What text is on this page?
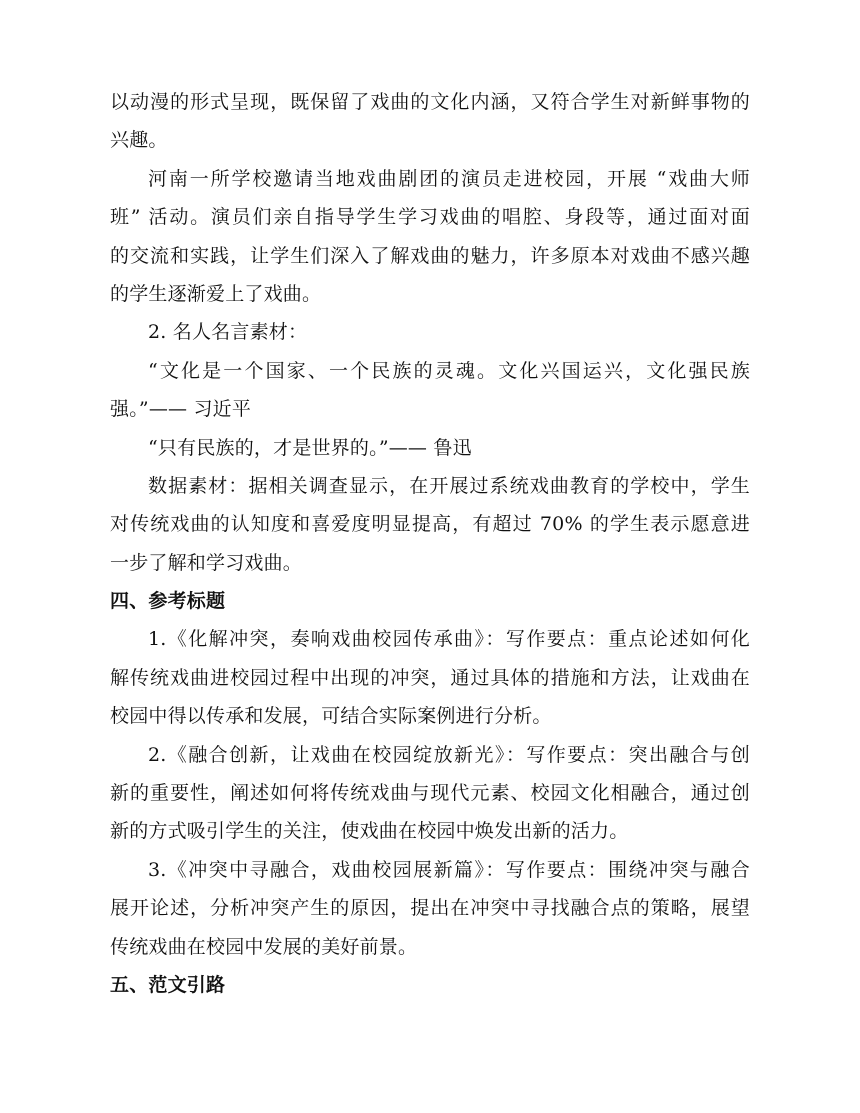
以动漫的形式呈现，既保留了戏曲的文化内涵，又符合学生对新鲜事物的
兴趣。
河南一所学校邀请当地戏曲剧团的演员走进校园，开展 “戏曲大师
班” 活动。演员们亲自指导学生学习戏曲的唱腔、身段等，通过面对面
的交流和实践，让学生们深入了解戏曲的魅力，许多原本对戏曲不感兴趣
的学生逐渐爱上了戏曲。
2. 名人名言素材：
“文化是一个国家、一个民族的灵魂。文化兴国运兴，文化强民族
强。”—— 习近平
“只有民族的，才是世界的。”—— 鲁迅
数据素材：据相关调查显示，在开展过系统戏曲教育的学校中，学生
对传统戏曲的认知度和喜爱度明显提高，有超过 70% 的学生表示愿意进
一步了解和学习戏曲。
四、参考标题
1.《化解冲突，奏响戏曲校园传承曲》：写作要点：重点论述如何化
解传统戏曲进校园过程中出现的冲突，通过具体的措施和方法，让戏曲在
校园中得以传承和发展，可结合实际案例进行分析。
2.《融合创新，让戏曲在校园绽放新光》：写作要点：突出融合与创
新的重要性，阐述如何将传统戏曲与现代元素、校园文化相融合，通过创
新的方式吸引学生的关注，使戏曲在校园中焕发出新的活力。
3.《冲突中寻融合，戏曲校园展新篇》：写作要点：围绕冲突与融合
展开论述，分析冲突产生的原因，提出在冲突中寻找融合点的策略，展望
传统戏曲在校园中发展的美好前景。
五、范文引路
